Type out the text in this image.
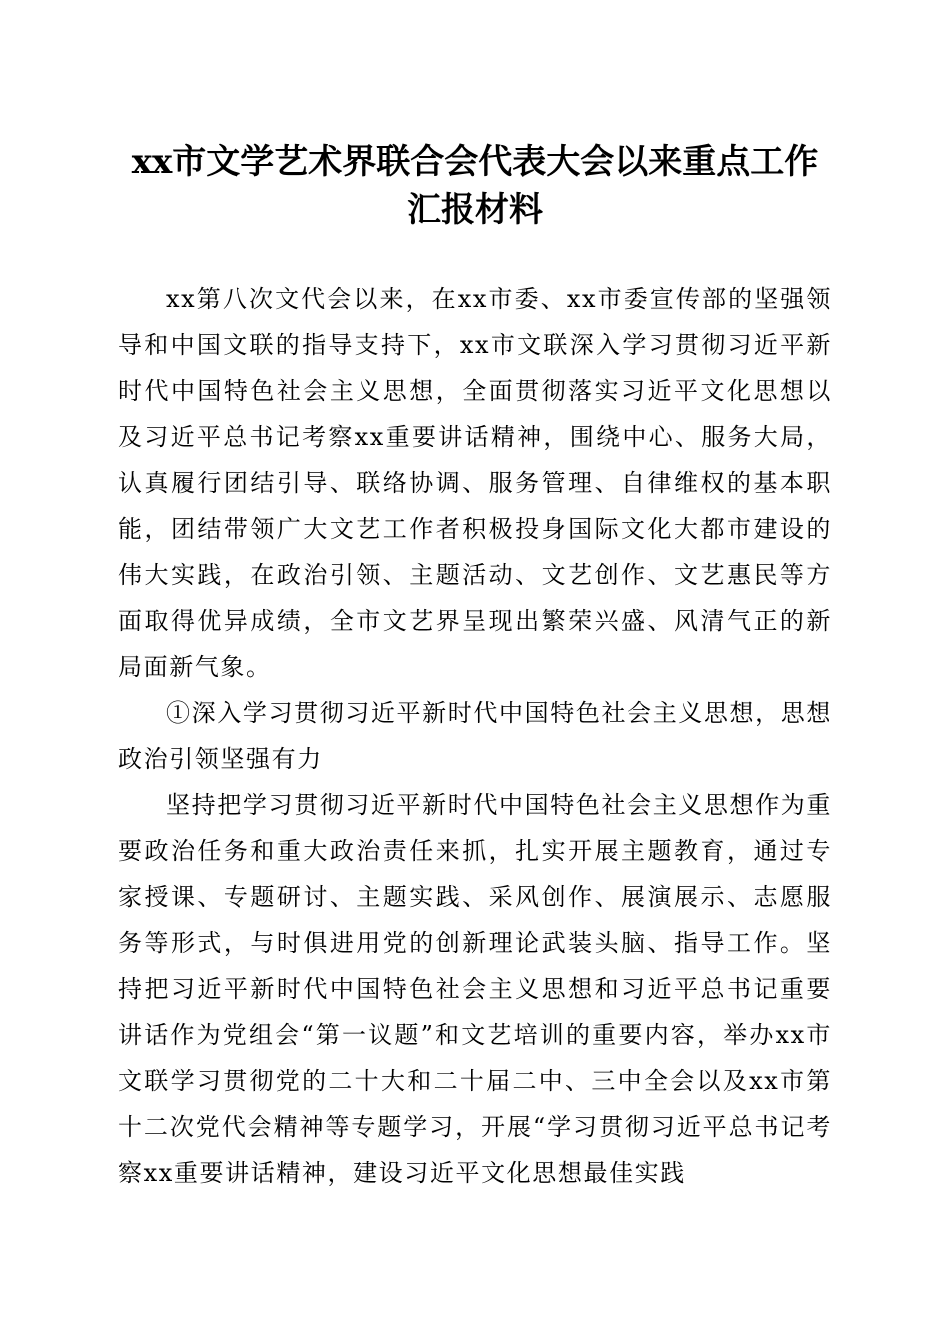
xx市文学艺术界联合会代表大会以来重点工作汇报材料

xx第八次文代会以来，在xx市委、xx市委宣传部的坚强领导和中国文联的指导支持下，xx市文联深入学习贯彻习近平新时代中国特色社会主义思想，全面贯彻落实习近平文化思想以及习近平总书记考察xx重要讲话精神，围绕中心、服务大局，认真履行团结引导、联络协调、服务管理、自律维权的基本职能，团结带领广大文艺工作者积极投身国际文化大都市建设的伟大实践，在政治引领、主题活动、文艺创作、文艺惠民等方面取得优异成绩，全市文艺界呈现出繁荣兴盛、风清气正的新局面新气象。

①深入学习贯彻习近平新时代中国特色社会主义思想，思想政治引领坚强有力

坚持把学习贯彻习近平新时代中国特色社会主义思想作为重要政治任务和重大政治责任来抓，扎实开展主题教育，通过专家授课、专题研讨、主题实践、采风创作、展演展示、志愿服务等形式，与时俱进用党的创新理论武装头脑、指导工作。坚持把习近平新时代中国特色社会主义思想和习近平总书记重要讲话作为党组会“第一议题”和文艺培训的重要内容，举办xx市文联学习贯彻党的二十大和二十届二中、三中全会以及xx市第十二次党代会精神等专题学习，开展“学习贯彻习近平总书记考察xx重要讲话精神，建设习近平文化思想最佳实践
